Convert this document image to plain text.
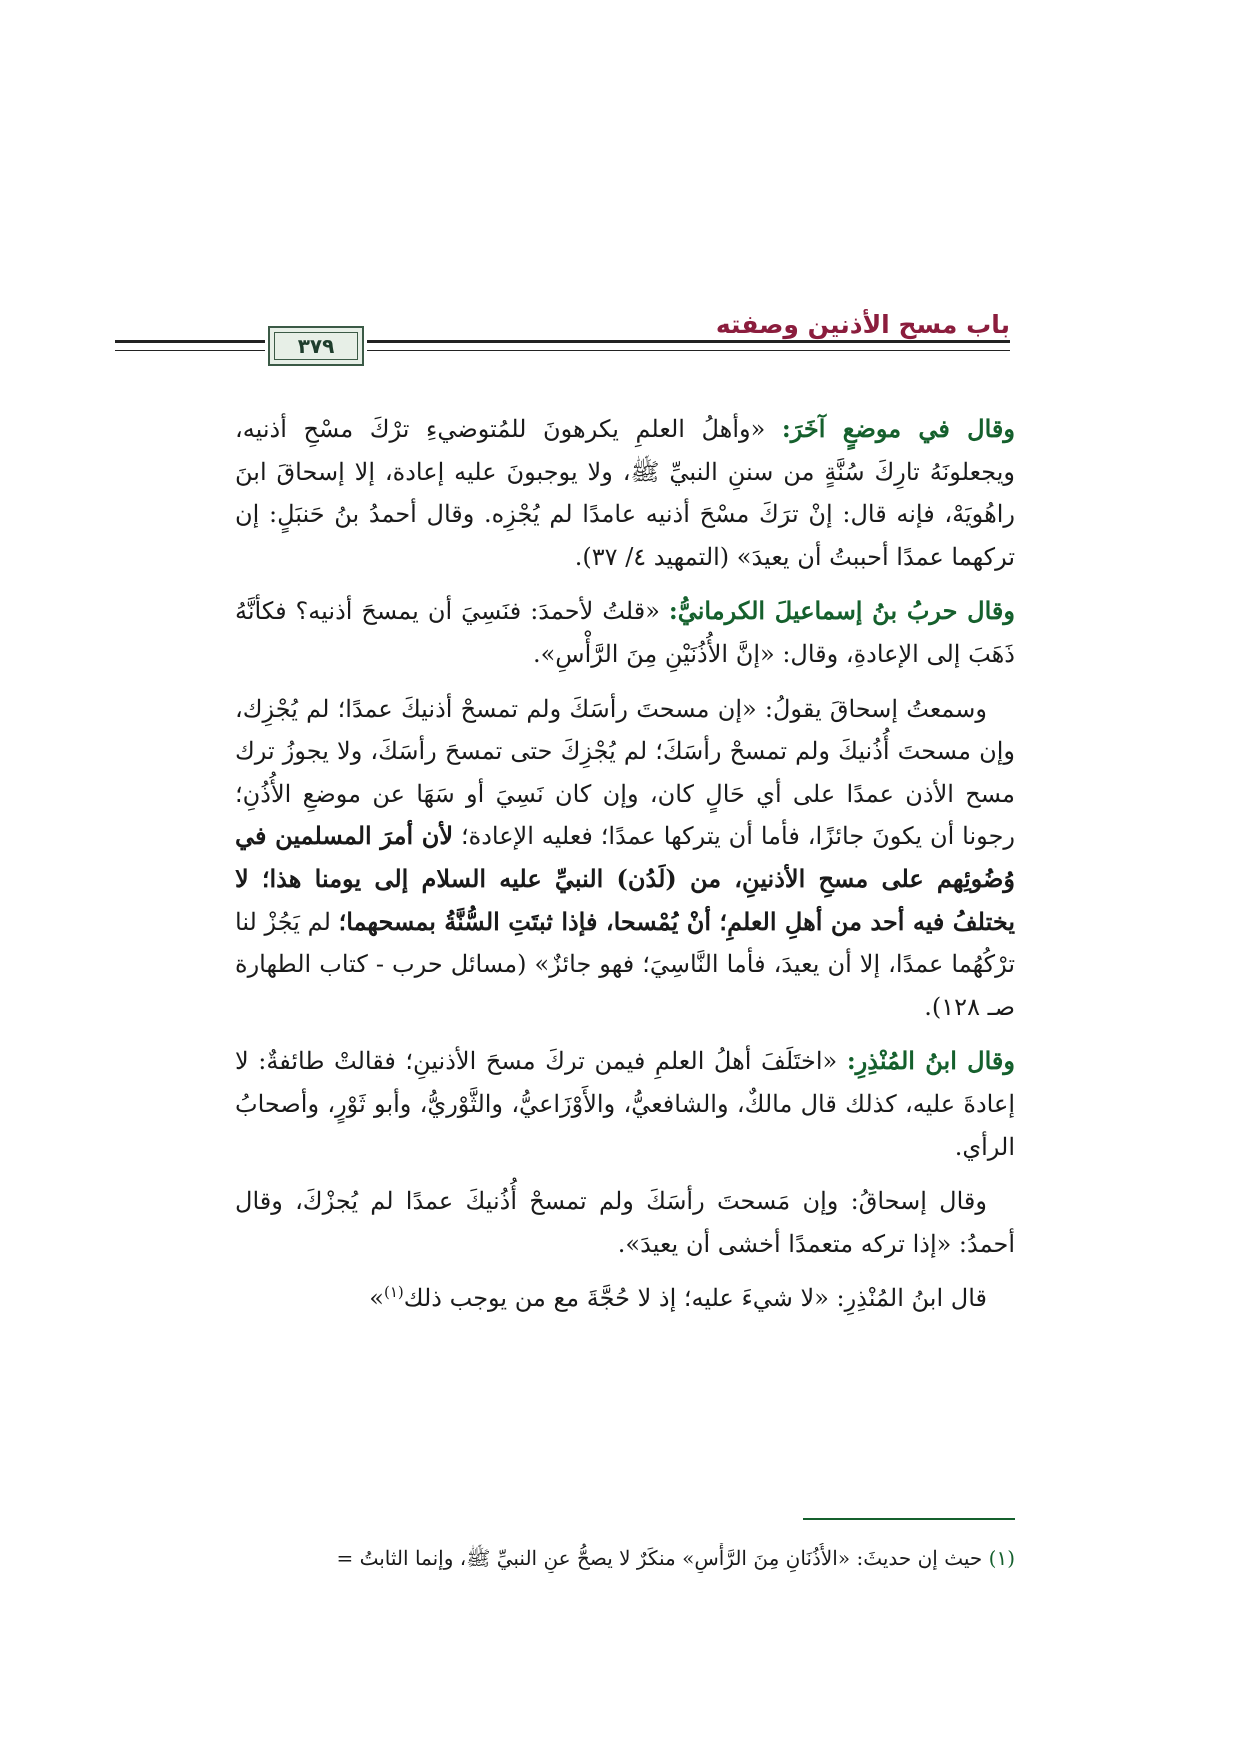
باب مسح الأذنين وصفته
٣٧٩

وقال في موضعٍ آخَرَ: «وأهلُ العلمِ يكرهونَ للمُتوضيءِ ترْكَ مسْحِ أذنيه، ويجعلونَهُ تارِكَ سُنَّةٍ من سننِ النبيِّ ﷺ، ولا يوجبونَ عليه إعادة، إلا إسحاقَ ابنَ راهُويَهْ، فإنه قال: إنْ ترَكَ مسْحَ أذنيه عامدًا لم يُجْزِه. وقال أحمدُ بنُ حَنبَلٍ: إن تركهما عمدًا أحببتُ أن يعيدَ» (التمهيد ٤/ ٣٧).

وقال حربُ بنُ إسماعيلَ الكرمانيُّ: «قلتُ لأحمدَ: فنَسِيَ أن يمسحَ أذنيه؟ فكأنَّهُ ذَهَبَ إلى الإعادةِ، وقال: «إنَّ الأُذُنَيْنِ مِنَ الرَّأْسِ».

وسمعتُ إسحاقَ يقولُ: «إن مسحتَ رأسَكَ ولم تمسحْ أذنيكَ عمدًا؛ لم يُجْزِك، وإن مسحتَ أُذُنيكَ ولم تمسحْ رأسَكَ؛ لم يُجْزِكَ حتى تمسحَ رأسَكَ، ولا يجوزُ ترك مسح الأذن عمدًا على أي حَالٍ كان، وإن كان نَسِيَ أو سَهَا عن موضعِ الأُذُنِ؛ رجونا أن يكونَ جائزًا، فأما أن يتركها عمدًا؛ فعليه الإعادة؛ لأن أمرَ المسلمين في وُضُوئِهم على مسحِ الأذنينِ، من (لَدُن) النبيِّ عليه السلام إلى يومنا هذا؛ لا يختلفُ فيه أحد من أهلِ العلمِ؛ أنْ يُمْسحا، فإذا ثبتَتِ السُّنَّةُ بمسحهما؛ لم يَجُزْ لنا ترْكُهُما عمدًا، إلا أن يعيدَ، فأما النَّاسِيَ؛ فهو جائزٌ» (مسائل حرب - كتاب الطهارة صـ ١٢٨).

وقال ابنُ المُنْذِرِ: «اختَلَفَ أهلُ العلمِ فيمن تركَ مسحَ الأذنينِ؛ فقالتْ طائفةٌ: لا إعادةَ عليه، كذلك قال مالكٌ، والشافعيُّ، والأَوْزَاعيُّ، والثَّوْريُّ، وأبو ثَوْرٍ، وأصحابُ الرأي.

وقال إسحاقُ: وإن مَسحتَ رأسَكَ ولم تمسحْ أُذُنيكَ عمدًا لم يُجزْكَ، وقال أحمدُ: «إذا تركه متعمدًا أخشى أن يعيدَ».

قال ابنُ المُنْذِرِ: «لا شيءَ عليه؛ إذ لا حُجَّةَ مع من يوجب ذلك$^{(١)}$»

(١) حيث إن حديثَ: «الأُذُنَانِ مِنَ الرَّأْسِ» منكَرٌ لا يصحُّ عنِ النبيِّ ﷺ، وإنما الثابتُ =
